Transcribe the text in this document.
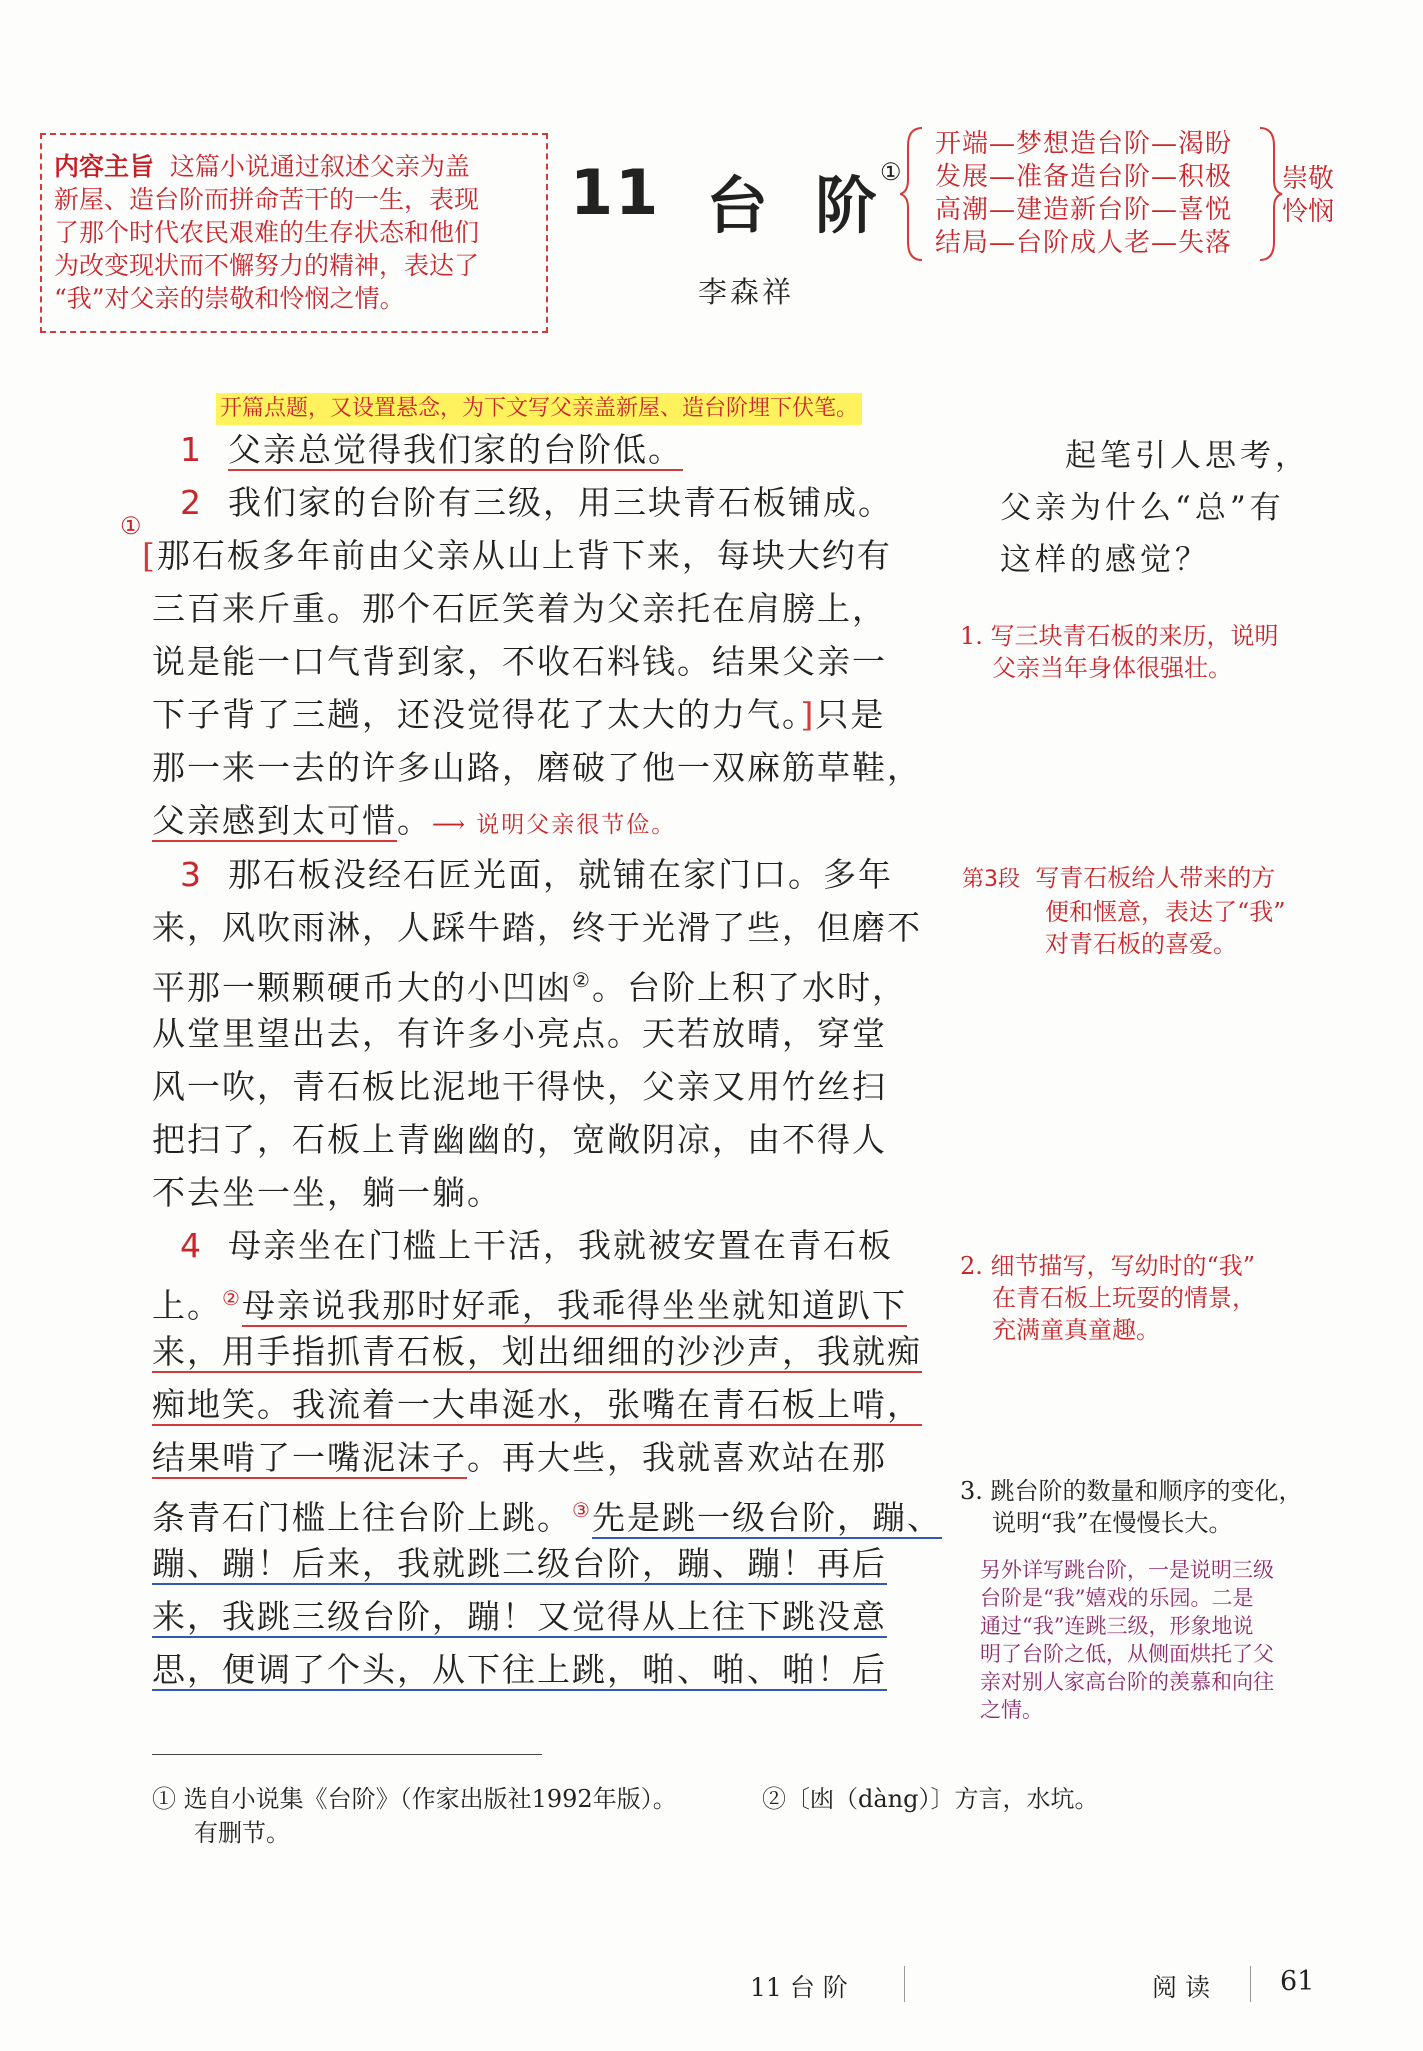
内容主旨 这篇小说通过叙述父亲为盖
新屋、造台阶而拼命苦干的一生，表现
了那个时代农民艰难的生存状态和他们
为改变现状而不懈努力的精神，表达了
“我”对父亲的崇敬和怜悯之情。
11 台 阶 ①
李森祥
开端—梦想造台阶—渴盼
发展—准备造台阶—积极
高潮—建造新台阶—喜悦
结局—台阶成人老—失落
崇敬
怜悯
开篇点题，又设置悬念，为下文写父亲盖新屋、造台阶埋下伏笔。
1 父亲总觉得我们家的台阶低。
2 我们家的台阶有三级，用三块青石板铺成。
①
[那石板多年前由父亲从山上背下来，每块大约有
三百来斤重。那个石匠笑着为父亲托在肩膀上，
说是能一口气背到家，不收石料钱。结果父亲一
下子背了三趟，还没觉得花了太大的力气。]只是
那一来一去的许多山路，磨破了他一双麻筋草鞋，
父亲感到太可惜。⟶ 说明父亲很节俭。
3 那石板没经石匠光面，就铺在家门口。多年
来，风吹雨淋，人踩牛踏，终于光滑了些，但磨不
平那一颗颗硬币大的小凹凼②。台阶上积了水时，
从堂里望出去，有许多小亮点。天若放晴，穿堂
风一吹，青石板比泥地干得快，父亲又用竹丝扫
把扫了，石板上青幽幽的，宽敞阴凉，由不得人
不去坐一坐，躺一躺。
4 母亲坐在门槛上干活，我就被安置在青石板
上。②母亲说我那时好乖，我乖得坐坐就知道趴下
来，用手指抓青石板，划出细细的沙沙声，我就痴
痴地笑。我流着一大串涎水，张嘴在青石板上啃，
结果啃了一嘴泥沫子。再大些，我就喜欢站在那
条青石门槛上往台阶上跳。③先是跳一级台阶，蹦、
蹦、蹦！后来，我就跳二级台阶，蹦、蹦！再后
来，我跳三级台阶，蹦！又觉得从上往下跳没意
思，便调了个头，从下往上跳，啪、啪、啪！后
起笔引人思考，
父亲为什么“总”有
这样的感觉？
1. 写三块青石板的来历，说明
父亲当年身体很强壮。
第3段 写青石板给人带来的方
便和惬意，表达了“我”
对青石板的喜爱。
2. 细节描写，写幼时的“我”
在青石板上玩耍的情景，
充满童真童趣。
3. 跳台阶的数量和顺序的变化，
说明“我”在慢慢长大。
另外详写跳台阶，一是说明三级
台阶是“我”嬉戏的乐园。二是
通过“我”连跳三级，形象地说
明了台阶之低，从侧面烘托了父
亲对别人家高台阶的羡慕和向往
之情。
① 选自小说集《台阶》（作家出版社1992年版）。
有删节。
②〔凼（dàng）〕方言，水坑。
11 台 阶	阅 读	61
